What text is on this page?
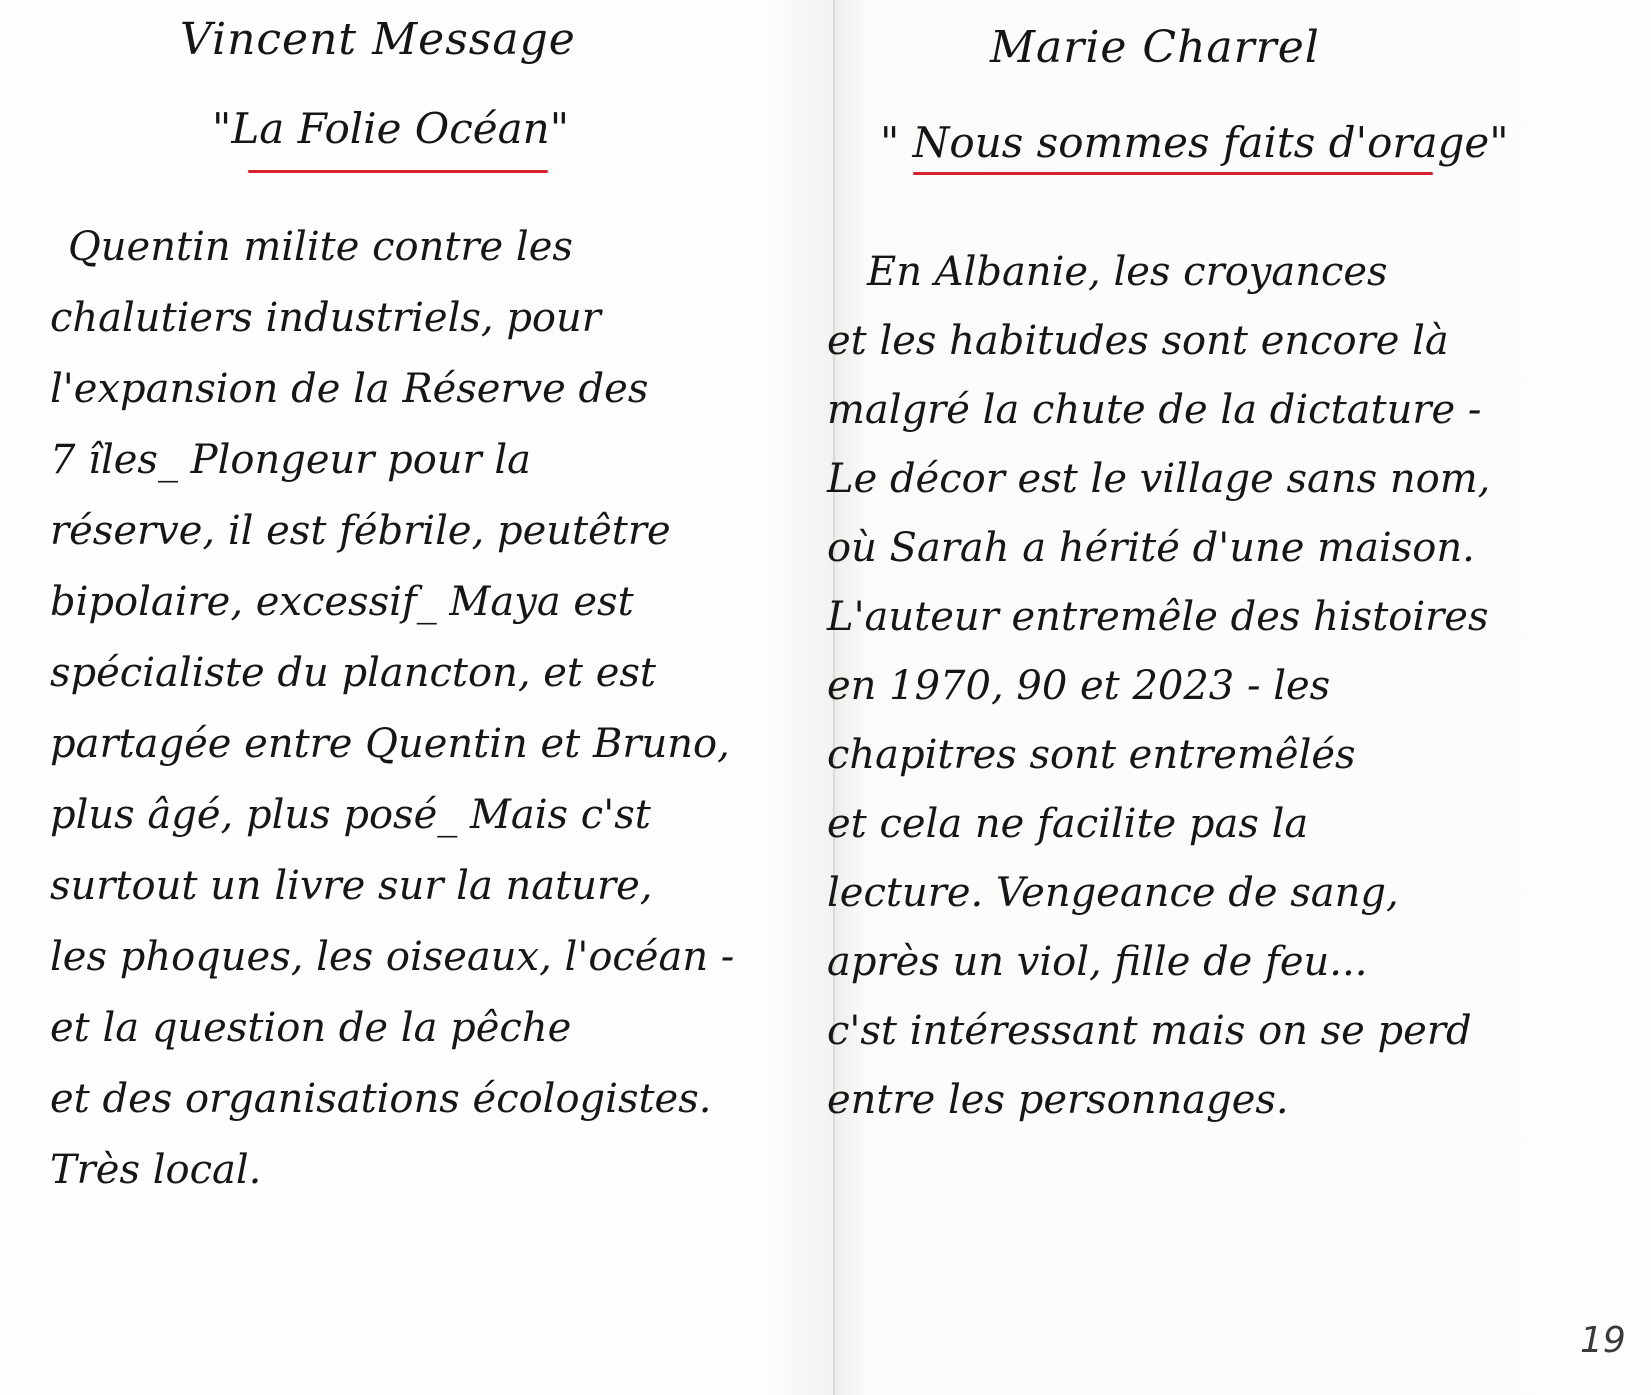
Vincent Message
"La Folie Océan"
Quentin milite contre les
chalutiers industriels, pour
l'expansion de la Réserve des
7 îles_ Plongeur pour la
réserve, il est fébrile, peutêtre
bipolaire, excessif_ Maya est
spécialiste du plancton, et est
partagée entre Quentin et Bruno,
plus âgé, plus posé_ Mais c'st
surtout un livre sur la nature,
les phoques, les oiseaux, l'océan -
et la question de la pêche
et des organisations écologistes.
Très local.
Marie Charrel
" Nous sommes faits d'orage"
En Albanie, les croyances
et les habitudes sont encore là
malgré la chute de la dictature -
Le décor est le village sans nom,
où Sarah a hérité d'une maison.
L'auteur entremêle des histoires
en 1970, 90 et 2023 - les
chapitres sont entremêlés
et cela ne facilite pas la
lecture. Vengeance de sang,
après un viol, fille de feu...
c'st intéressant mais on se perd
entre les personnages.
19
